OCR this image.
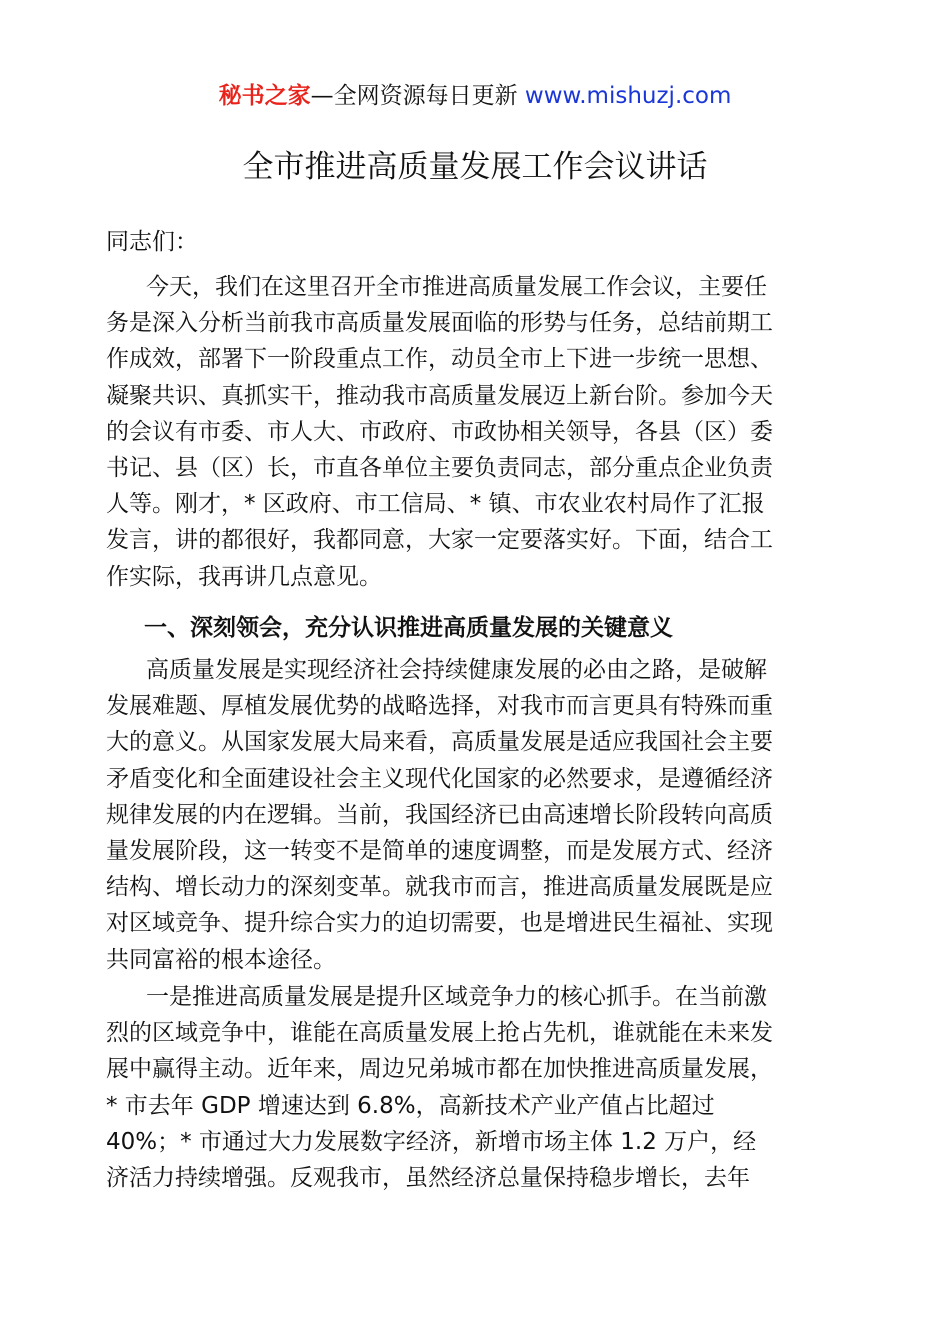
秘书之家—全网资源每日更新 www.mishuzj.com
全市推进高质量发展工作会议讲话
同志们：
今天，我们在这里召开全市推进高质量发展工作会议，主要任
务是深入分析当前我市高质量发展面临的形势与任务，总结前期工
作成效，部署下一阶段重点工作，动员全市上下进一步统一思想、
凝聚共识、真抓实干，推动我市高质量发展迈上新台阶。参加今天
的会议有市委、市人大、市政府、市政协相关领导，各县（区）委
书记、县（区）长，市直各单位主要负责同志，部分重点企业负责
人等。刚才，* 区政府、市工信局、* 镇、市农业农村局作了汇报
发言，讲的都很好，我都同意，大家一定要落实好。下面，结合工
作实际，我再讲几点意见。
一、深刻领会，充分认识推进高质量发展的关键意义
高质量发展是实现经济社会持续健康发展的必由之路，是破解
发展难题、厚植发展优势的战略选择，对我市而言更具有特殊而重
大的意义。从国家发展大局来看，高质量发展是适应我国社会主要
矛盾变化和全面建设社会主义现代化国家的必然要求，是遵循经济
规律发展的内在逻辑。当前，我国经济已由高速增长阶段转向高质
量发展阶段，这一转变不是简单的速度调整，而是发展方式、经济
结构、增长动力的深刻变革。就我市而言，推进高质量发展既是应
对区域竞争、提升综合实力的迫切需要，也是增进民生福祉、实现
共同富裕的根本途径。
一是推进高质量发展是提升区域竞争力的核心抓手。在当前激
烈的区域竞争中，谁能在高质量发展上抢占先机，谁就能在未来发
展中赢得主动。近年来，周边兄弟城市都在加快推进高质量发展，
* 市去年 GDP 增速达到 6.8%，高新技术产业产值占比超过
40%；* 市通过大力发展数字经济，新增市场主体 1.2 万户，经
济活力持续增强。反观我市，虽然经济总量保持稳步增长，去年
